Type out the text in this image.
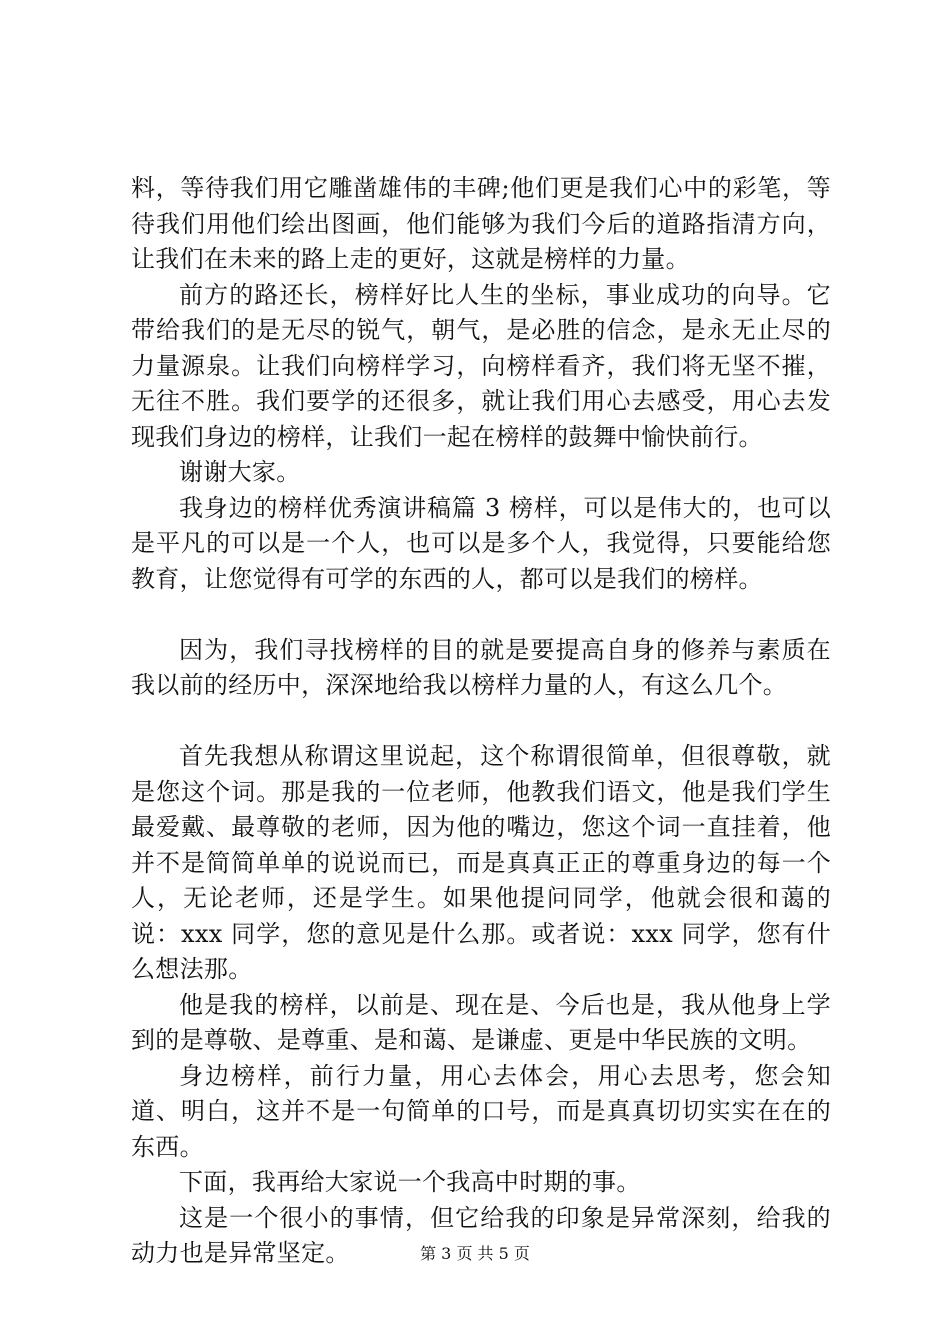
料，等待我们用它雕凿雄伟的丰碑;他们更是我们心中的彩笔，等待我们用他们绘出图画，他们能够为我们今后的道路指清方向，让我们在未来的路上走的更好，这就是榜样的力量。

前方的路还长，榜样好比人生的坐标，事业成功的向导。它带给我们的是无尽的锐气，朝气，是必胜的信念，是永无止尽的力量源泉。让我们向榜样学习，向榜样看齐，我们将无坚不摧，无往不胜。我们要学的还很多，就让我们用心去感受，用心去发现我们身边的榜样，让我们一起在榜样的鼓舞中愉快前行。

谢谢大家。

我身边的榜样优秀演讲稿篇 3 榜样，可以是伟大的，也可以是平凡的可以是一个人，也可以是多个人，我觉得，只要能给您教育，让您觉得有可学的东西的人，都可以是我们的榜样。

因为，我们寻找榜样的目的就是要提高自身的修养与素质在我以前的经历中，深深地给我以榜样力量的人，有这么几个。

首先我想从称谓这里说起，这个称谓很简单，但很尊敬，就是您这个词。那是我的一位老师，他教我们语文，他是我们学生最爱戴、最尊敬的老师，因为他的嘴边，您这个词一直挂着，他并不是简简单单的说说而已，而是真真正正的尊重身边的每一个人，无论老师，还是学生。如果他提问同学，他就会很和蔼的说：xxx 同学，您的意见是什么那。或者说：xxx 同学，您有什么想法那。

他是我的榜样，以前是、现在是、今后也是，我从他身上学到的是尊敬、是尊重、是和蔼、是谦虚、更是中华民族的文明。

身边榜样，前行力量，用心去体会，用心去思考，您会知道、明白，这并不是一句简单的口号，而是真真切切实实在在的东西。

下面，我再给大家说一个我高中时期的事。

这是一个很小的事情，但它给我的印象是异常深刻，给我的动力也是异常坚定。	第 3 页 共 5 页
